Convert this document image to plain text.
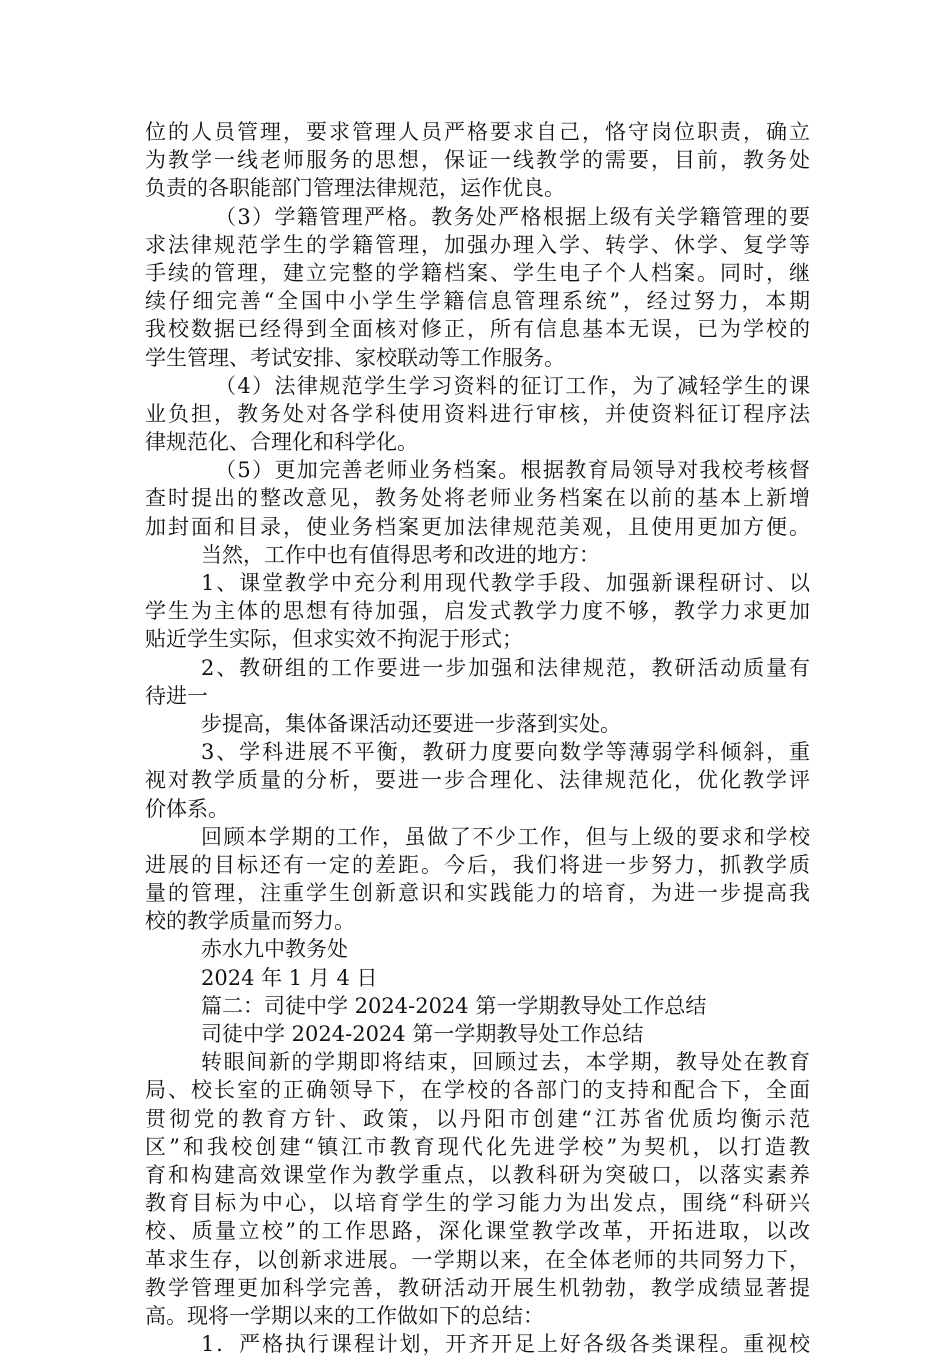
位的人员管理，要求管理人员严格要求自己，恪守岗位职责，确立
为教学一线老师服务的思想，保证一线教学的需要，目前，教务处
负责的各职能部门管理法律规范，运作优良。
（3）学籍管理严格。教务处严格根据上级有关学籍管理的要
求法律规范学生的学籍管理，加强办理入学、转学、休学、复学等
手续的管理，建立完整的学籍档案、学生电子个人档案。同时，继
续仔细完善“全国中小学生学籍信息管理系统”，经过努力，本期
我校数据已经得到全面核对修正，所有信息基本无误，已为学校的
学生管理、考试安排、家校联动等工作服务。
（4）法律规范学生学习资料的征订工作，为了减轻学生的课
业负担，教务处对各学科使用资料进行审核，并使资料征订程序法
律规范化、合理化和科学化。
（5）更加完善老师业务档案。根据教育局领导对我校考核督
查时提出的整改意见，教务处将老师业务档案在以前的基本上新增
加封面和目录，使业务档案更加法律规范美观，且使用更加方便。
当然，工作中也有值得思考和改进的地方：
1、课堂教学中充分利用现代教学手段、加强新课程研讨、以
学生为主体的思想有待加强，启发式教学力度不够，教学力求更加
贴近学生实际，但求实效不拘泥于形式；
2、教研组的工作要进一步加强和法律规范，教研活动质量有
待进一
步提高，集体备课活动还要进一步落到实处。
3、学科进展不平衡，教研力度要向数学等薄弱学科倾斜，重
视对教学质量的分析，要进一步合理化、法律规范化，优化教学评
价体系。
回顾本学期的工作，虽做了不少工作，但与上级的要求和学校
进展的目标还有一定的差距。今后，我们将进一步努力，抓教学质
量的管理，注重学生创新意识和实践能力的培育，为进一步提高我
校的教学质量而努力。
赤水九中教务处
2024 年 1 月 4 日
篇二：司徒中学 2024-2024 第一学期教导处工作总结
司徒中学 2024-2024 第一学期教导处工作总结
转眼间新的学期即将结束，回顾过去，本学期，教导处在教育
局、校长室的正确领导下，在学校的各部门的支持和配合下，全面
贯彻党的教育方针、政策，以丹阳市创建“江苏省优质均衡示范
区”和我校创建“镇江市教育现代化先进学校”为契机，以打造教
育和构建高效课堂作为教学重点，以教科研为突破口，以落实素养
教育目标为中心，以培育学生的学习能力为出发点，围绕“科研兴
校、质量立校”的工作思路，深化课堂教学改革，开拓进取，以改
革求生存，以创新求进展。一学期以来，在全体老师的共同努力下，
教学管理更加科学完善，教研活动开展生机勃勃，教学成绩显著提
高。现将一学期以来的工作做如下的总结：
1．严格执行课程计划，开齐开足上好各级各类课程。重视校
